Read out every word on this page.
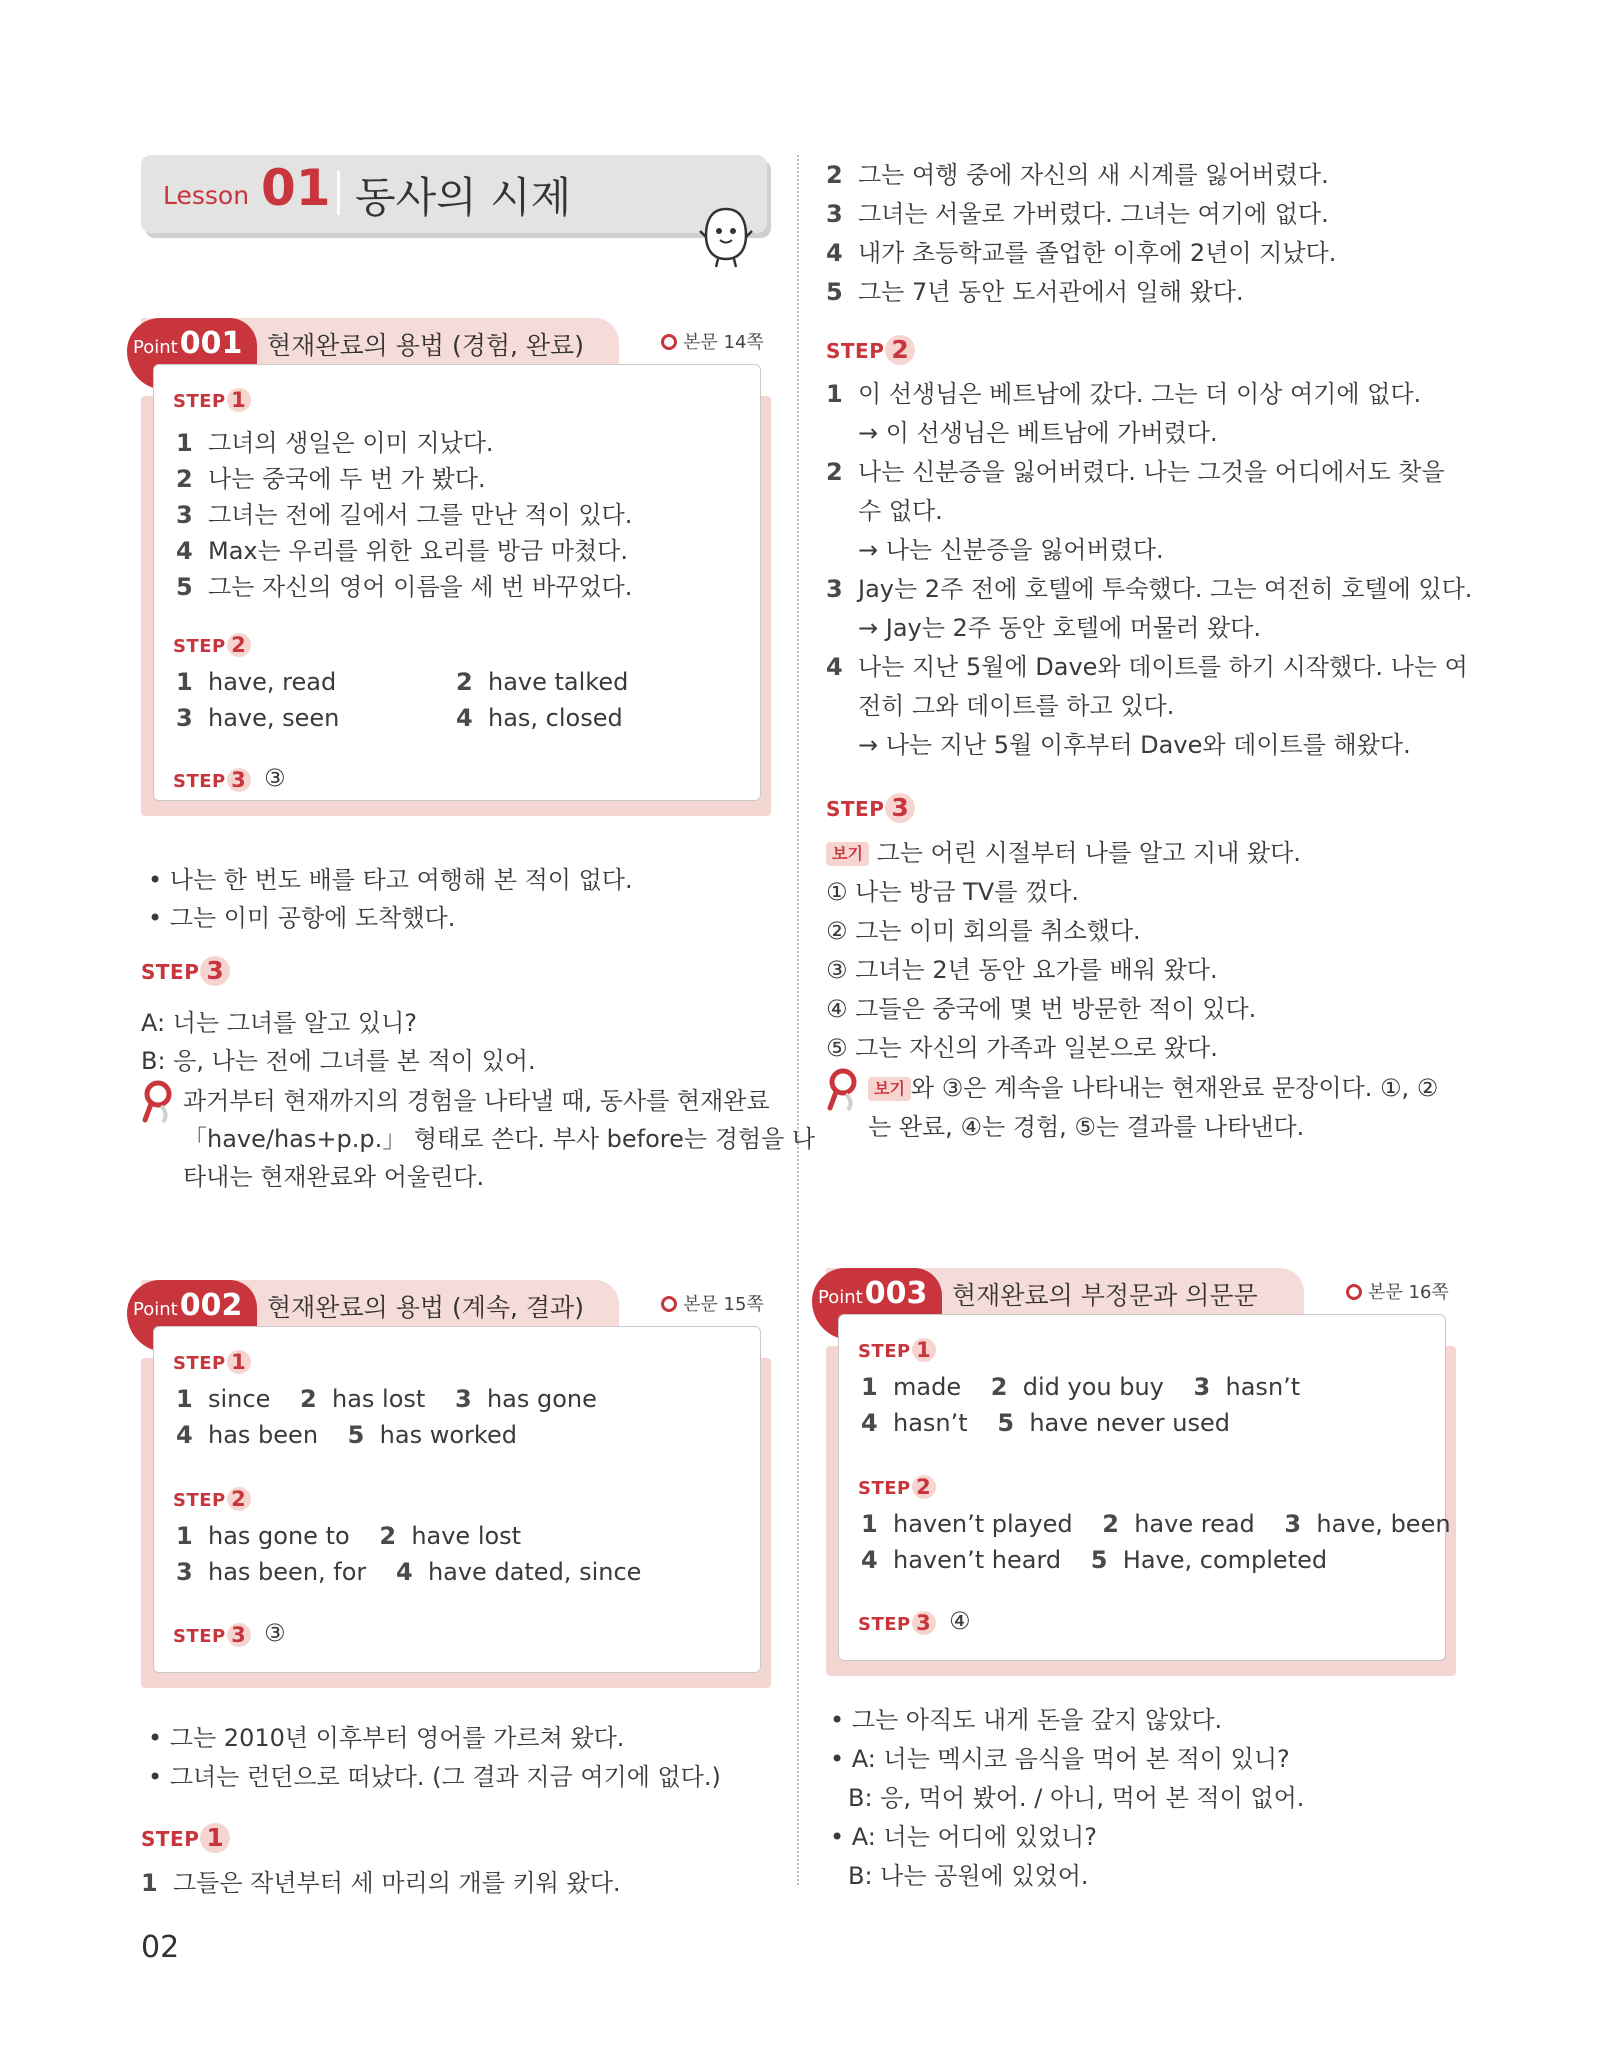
Lesson 01 동사의 시제
Point001 현재완료의 용법 (경험, 완료)	본문 14쪽
STEP 1
1 그녀의 생일은 이미 지났다.
2 나는 중국에 두 번 가 봤다.
3 그녀는 전에 길에서 그를 만난 적이 있다.
4 Max는 우리를 위한 요리를 방금 마쳤다.
5 그는 자신의 영어 이름을 세 번 바꾸었다.
STEP 2
1 have, read	2 have talked
3 have, seen	4 has, closed
STEP 3 ③
• 나는 한 번도 배를 타고 여행해 본 적이 없다.
• 그는 이미 공항에 도착했다.
STEP 3
A: 너는 그녀를 알고 있니?
B: 응, 나는 전에 그녀를 본 적이 있어.
과거부터 현재까지의 경험을 나타낼 때, 동사를 현재완료
「have/has+p.p.」 형태로 쓴다. 부사 before는 경험을 나
타내는 현재완료와 어울린다.
2 그는 여행 중에 자신의 새 시계를 잃어버렸다.
3 그녀는 서울로 가버렸다. 그녀는 여기에 없다.
4 내가 초등학교를 졸업한 이후에 2년이 지났다.
5 그는 7년 동안 도서관에서 일해 왔다.
STEP 2
1 이 선생님은 베트남에 갔다. 그는 더 이상 여기에 없다.
→ 이 선생님은 베트남에 가버렸다.
2 나는 신분증을 잃어버렸다. 나는 그것을 어디에서도 찾을
수 없다.
→ 나는 신분증을 잃어버렸다.
3 Jay는 2주 전에 호텔에 투숙했다. 그는 여전히 호텔에 있다.
→ Jay는 2주 동안 호텔에 머물러 왔다.
4 나는 지난 5월에 Dave와 데이트를 하기 시작했다. 나는 여
전히 그와 데이트를 하고 있다.
→ 나는 지난 5월 이후부터 Dave와 데이트를 해왔다.
STEP 3
보기 그는 어린 시절부터 나를 알고 지내 왔다.
① 나는 방금 TV를 껐다.
② 그는 이미 회의를 취소했다.
③ 그녀는 2년 동안 요가를 배워 왔다.
④ 그들은 중국에 몇 번 방문한 적이 있다.
⑤ 그는 자신의 가족과 일본으로 왔다.
보기 와 ③은 계속을 나타내는 현재완료 문장이다. ①, ②
는 완료, ④는 경험, ⑤는 결과를 나타낸다.
Point002 현재완료의 용법 (계속, 결과)	본문 15쪽
STEP 1
1 since 2 has lost 3 has gone
4 has been 5 has worked
STEP 2
1 has gone to 2 have lost
3 has been, for 4 have dated, since
STEP 3 ③
• 그는 2010년 이후부터 영어를 가르쳐 왔다.
• 그녀는 런던으로 떠났다. (그 결과 지금 여기에 없다.)
STEP 1
1 그들은 작년부터 세 마리의 개를 키워 왔다.
Point003 현재완료의 부정문과 의문문	본문 16쪽
STEP 1
1 made 2 did you buy 3 hasn’t
4 hasn’t 5 have never used
STEP 2
1 haven’t played 2 have read 3 have, been
4 haven’t heard 5 Have, completed
STEP 3 ④
• 그는 아직도 내게 돈을 갚지 않았다.
• A: 너는 멕시코 음식을 먹어 본 적이 있니?
B: 응, 먹어 봤어. / 아니, 먹어 본 적이 없어.
• A: 너는 어디에 있었니?
B: 나는 공원에 있었어.
02
